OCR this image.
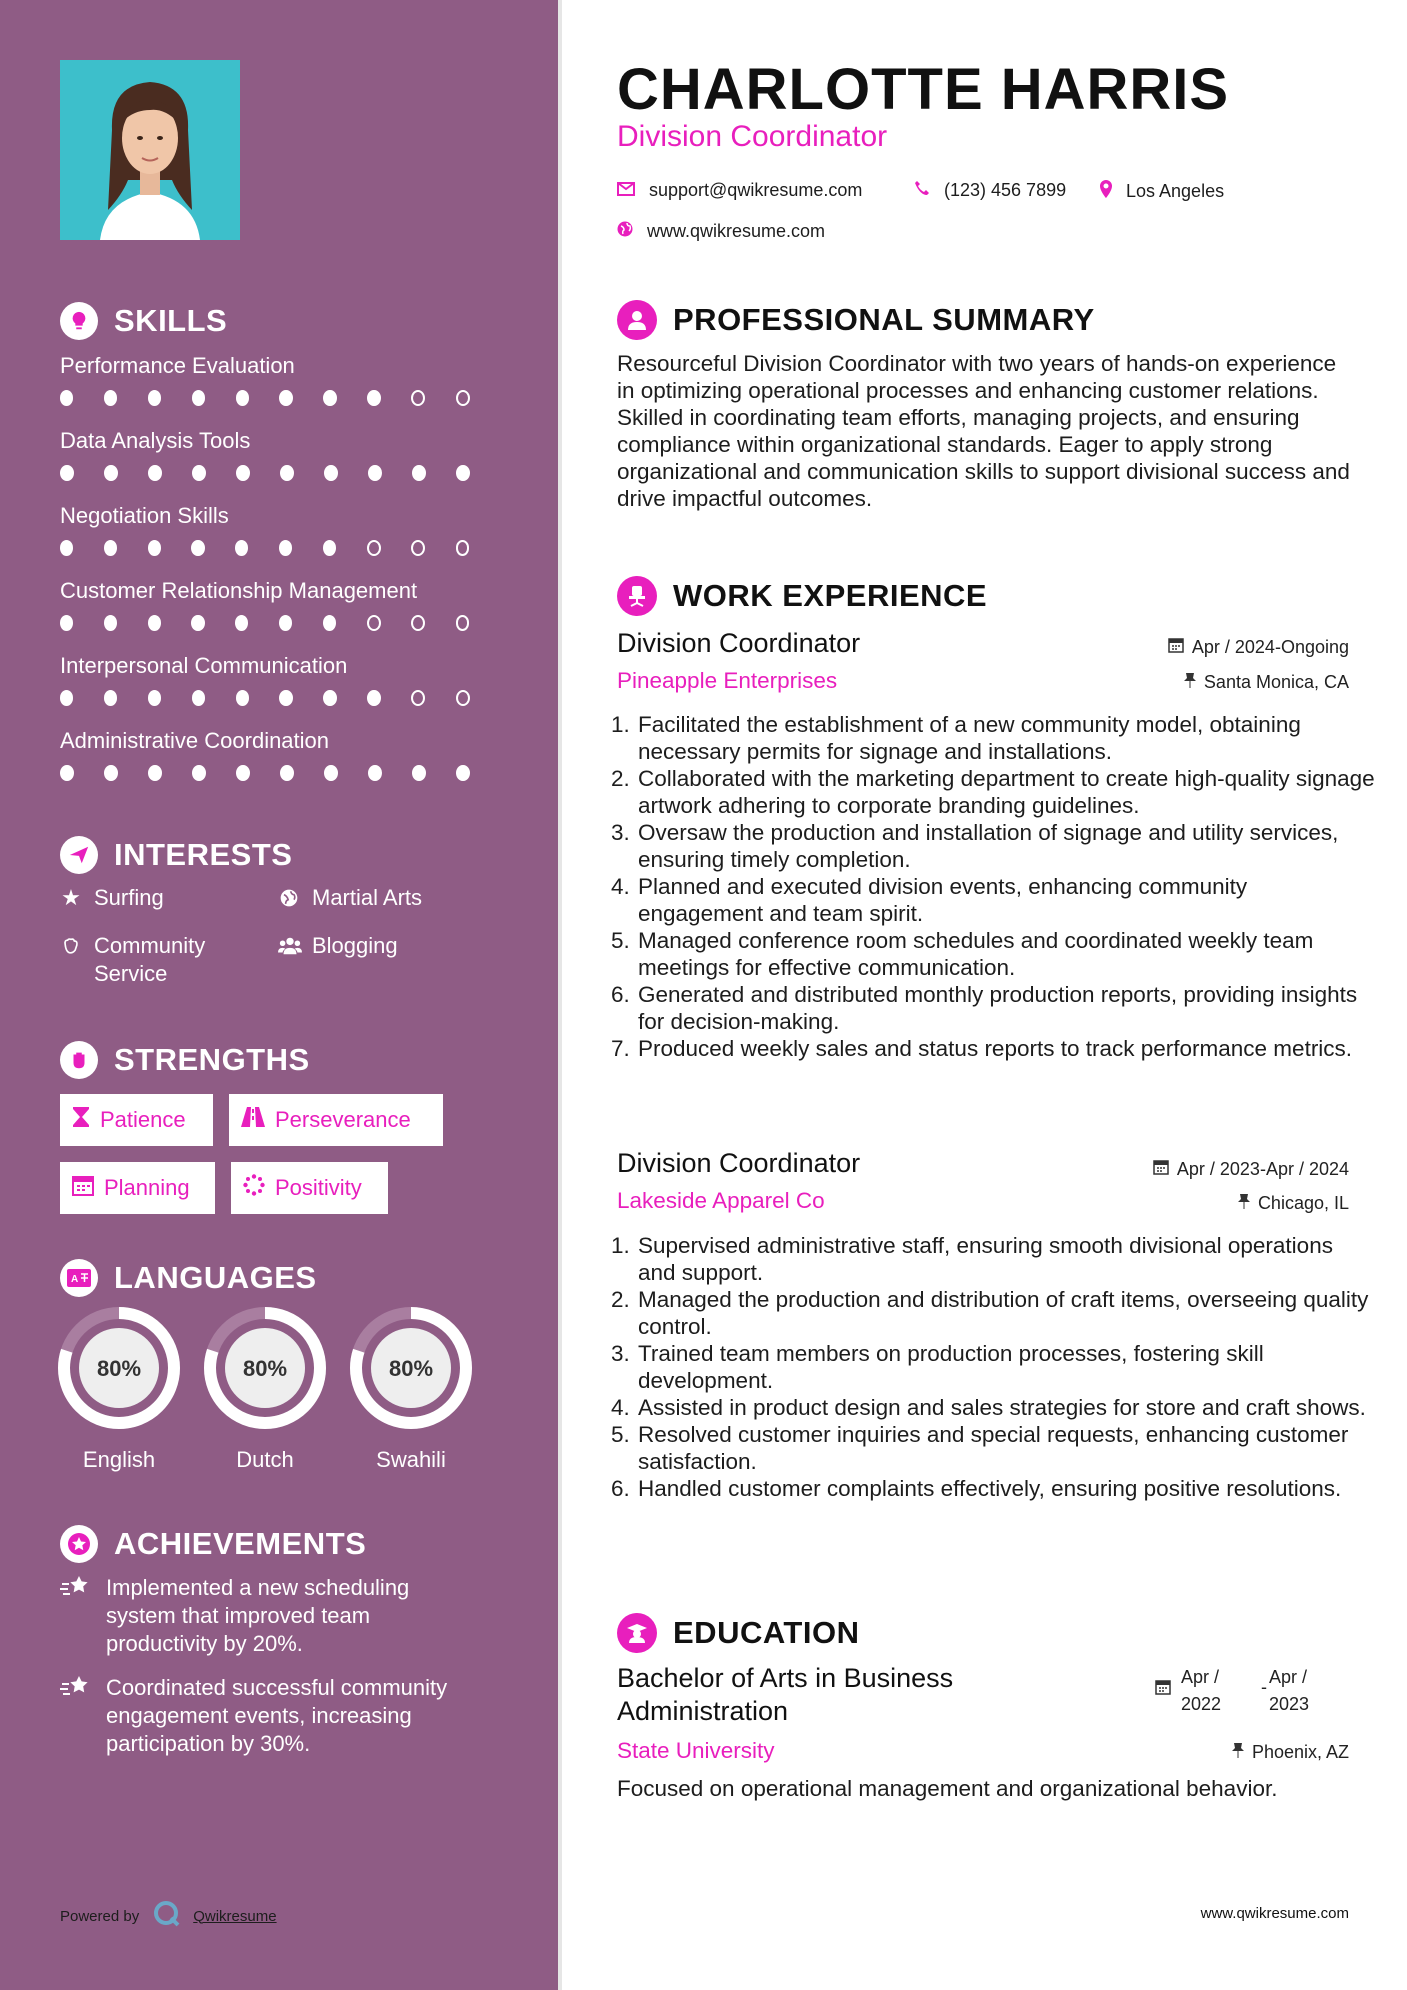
SKILLS
Performance Evaluation
Data Analysis Tools
Negotiation Skills
Customer Relationship Management
Interpersonal Communication
Administrative Coordination
INTERESTS
★ Surfing	Martial Arts
Community Service
Blogging
STRENGTHS
Patience	Perseverance
Planning	Positivity
A LANGUAGES
80%
English
80%
Dutch
80%
Swahili
ACHIEVEMENTS
Implemented a new scheduling system that improved team productivity by 20%.
Coordinated successful community engagement events, increasing participation by 30%.
Powered by	Qwikresume
CHARLOTTE HARRIS
Division Coordinator
support@qwikresume.com	(123) 456 7899	Los Angeles
www.qwikresume.com
PROFESSIONAL SUMMARY
Resourceful Division Coordinator with two years of hands-on experience in optimizing operational processes and enhancing customer relations. Skilled in coordinating team efforts, managing projects, and ensuring compliance within organizational standards. Eager to apply strong organizational and communication skills to support divisional success and drive impactful outcomes.
WORK EXPERIENCE
Division Coordinator
Pineapple Enterprises
Apr / 2024-Ongoing
Santa Monica, CA
1. Facilitated the establishment of a new community model, obtaining necessary permits for signage and installations.
2. Collaborated with the marketing department to create high-quality signage artwork adhering to corporate branding guidelines.
3. Oversaw the production and installation of signage and utility services, ensuring timely completion.
4. Planned and executed division events, enhancing community engagement and team spirit.
5. Managed conference room schedules and coordinated weekly team meetings for effective communication.
6. Generated and distributed monthly production reports, providing insights for decision-making.
7. Produced weekly sales and status reports to track performance metrics.
Division Coordinator
Lakeside Apparel Co
Apr / 2023-Apr / 2024
Chicago, IL
1. Supervised administrative staff, ensuring smooth divisional operations and support.
2. Managed the production and distribution of craft items, overseeing quality control.
3. Trained team members on production processes, fostering skill development.
4. Assisted in product design and sales strategies for store and craft shows.
5. Resolved customer inquiries and special requests, enhancing customer satisfaction.
6. Handled customer complaints effectively, ensuring positive resolutions.
EDUCATION
Bachelor of Arts in Business Administration
Apr / 2022
- Apr / 2023
State University	Phoenix, AZ
Focused on operational management and organizational behavior.
www.qwikresume.com
